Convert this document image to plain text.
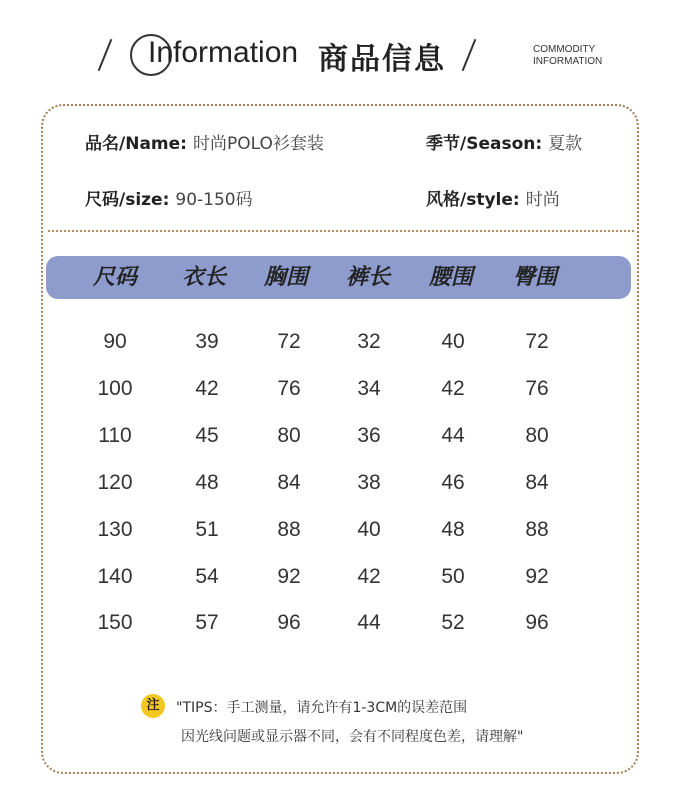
Information 商品信息	COMMODITY
INFORMATION
品名/Name: 时尚POLO衫套装	季节/Season: 夏款
尺码/size: 90-150码	风格/style: 时尚
尺码	衣长	胸围	裤长	腰围	臀围
90	39	72	32	40	72
100	42	76	34	42	76
110	45	80	36	44	80
120	48	84	38	46	84
130	51	88	40	48	88
140	54	92	42	50	92
150	57	96	44	52	96
注	"TIPS：手工测量，请允许有1-3CM的误差范围
因光线问题或显示器不同，会有不同程度色差，请理解"
